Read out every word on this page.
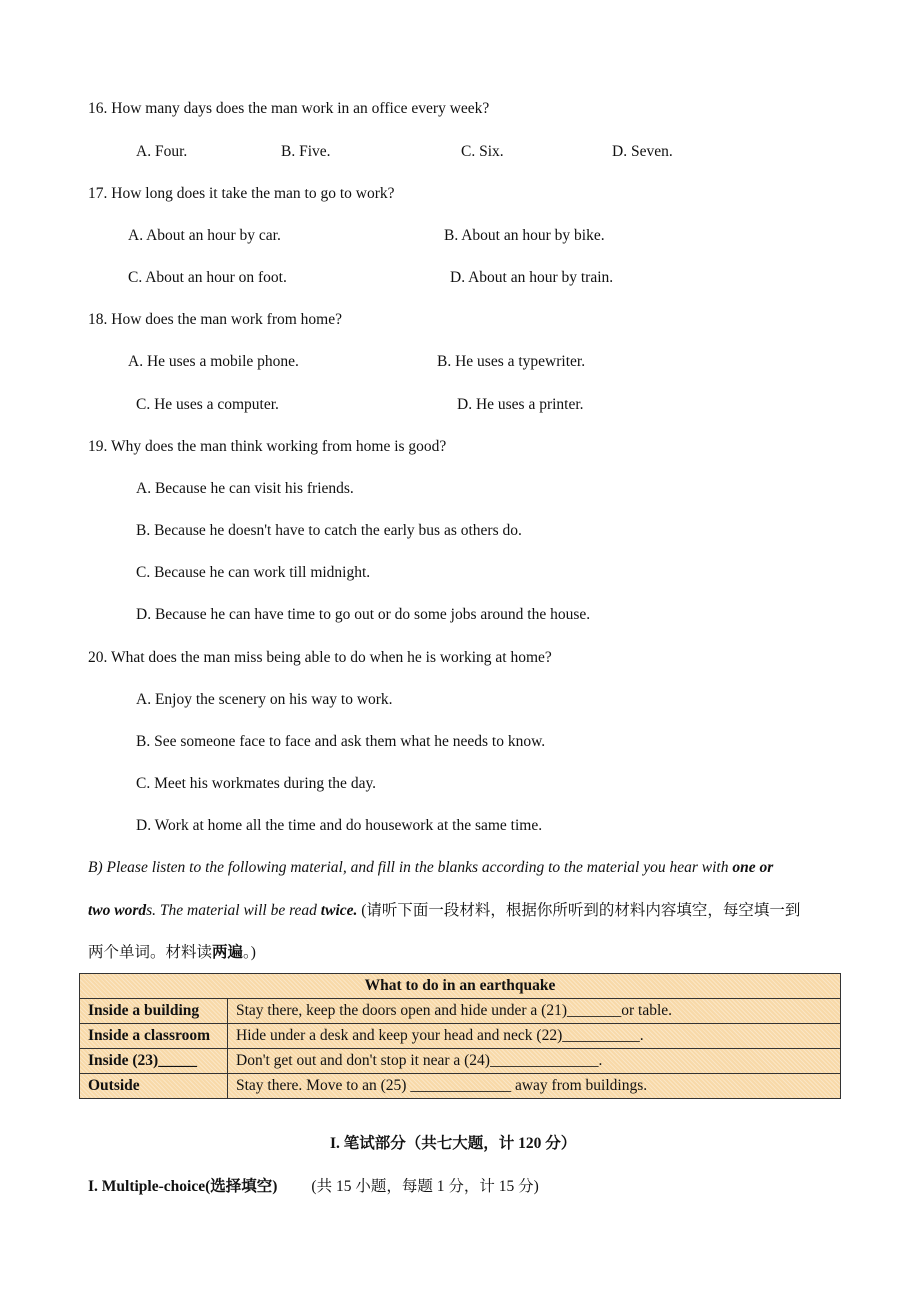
16. How many days does the man work in an office every week?
A. Four.	B. Five.	C. Six.	D. Seven.
17. How long does it take the man to go to work?
A. About an hour by car.	B. About an hour by bike.
C. About an hour on foot.	D. About an hour by train.
18. How does the man work from home?
A. He uses a mobile phone.	B. He uses a typewriter.
C. He uses a computer.	D. He uses a printer.
19. Why does the man think working from home is good?
A. Because he can visit his friends.
B. Because he doesn't have to catch the early bus as others do.
C. Because he can work till midnight.
D. Because he can have time to go out or do some jobs around the house.
20. What does the man miss being able to do when he is working at home?
A. Enjoy the scenery on his way to work.
B. See someone face to face and ask them what he needs to know.
C. Meet his workmates during the day.
D. Work at home all the time and do housework at the same time.
B) Please listen to the following material, and fill in the blanks according to the material you hear with one or
two words. The material will be read twice. (请听下面一段材料，根据你所听到的材料内容填空，每空填一到
两个单词。材料读两遍。)
What to do in an earthquake	
Inside a building	Stay there, keep the doors open and hide under a (21)_______or table.
Inside a classroom	Hide under a desk and keep your head and neck (22)__________.
Inside (23)_____	Don't get out and don't stop it near a (24)______________.
Outside	Stay there. Move to an (25) _____________ away from buildings.
I. 笔试部分（共七大题，计 120 分）
I. Multiple-choice(选择填空) (共 15 小题，每题 1 分，计 15 分)
